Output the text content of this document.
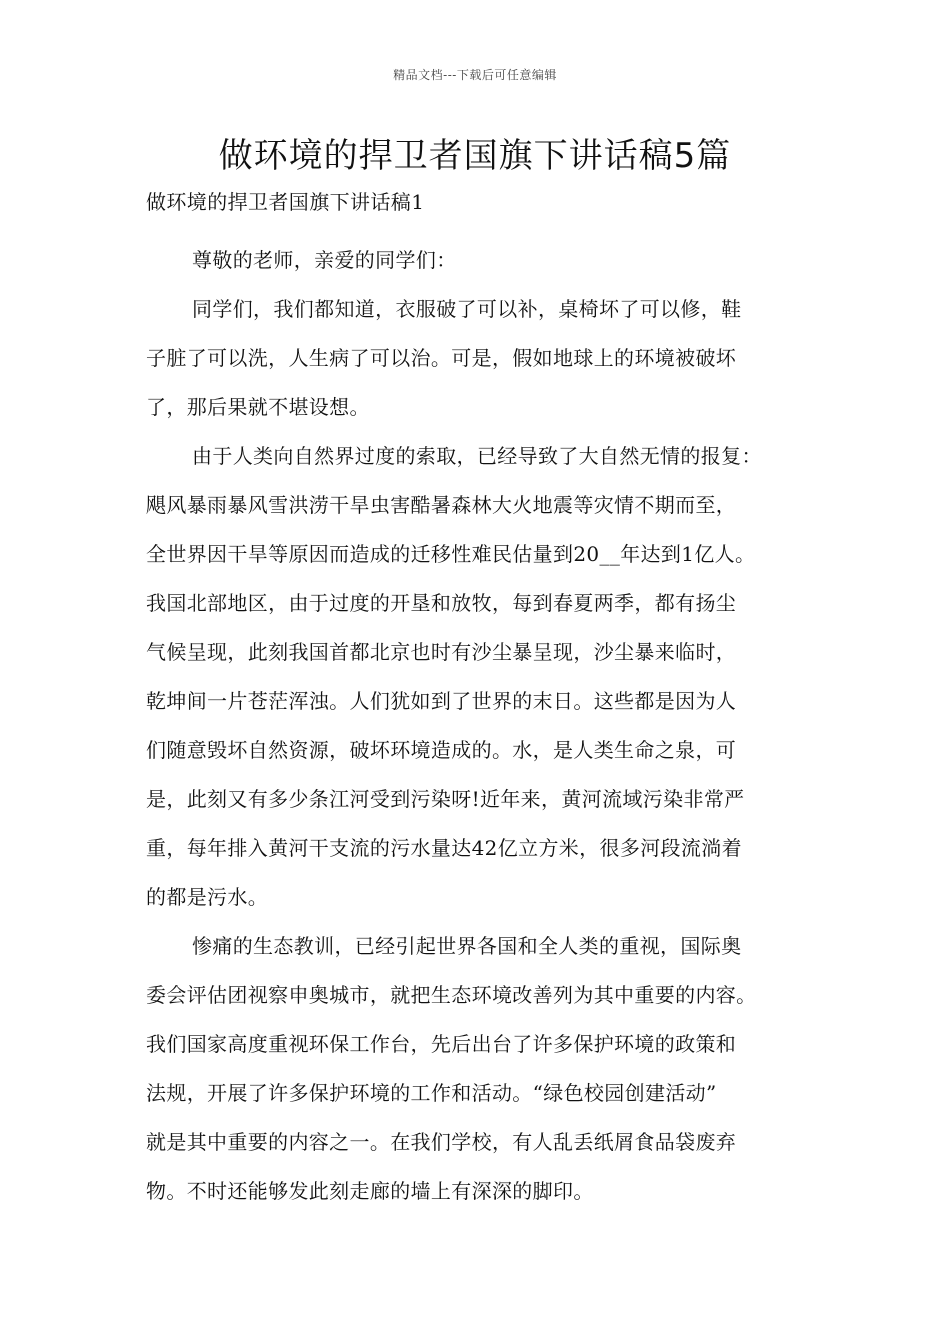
精品文档---下载后可任意编辑
做环境的捍卫者国旗下讲话稿5篇
做环境的捍卫者国旗下讲话稿1

尊敬的老师，亲爱的同学们：

同学们，我们都知道，衣服破了可以补，桌椅坏了可以修，鞋
子脏了可以洗，人生病了可以治。可是，假如地球上的环境被破坏
了，那后果就不堪设想。

由于人类向自然界过度的索取，已经导致了大自然无情的报复：
飓风暴雨暴风雪洪涝干旱虫害酷暑森林大火地震等灾情不期而至，
全世界因干旱等原因而造成的迁移性难民估量到20__年达到1亿人。
我国北部地区，由于过度的开垦和放牧，每到春夏两季，都有扬尘
气候呈现，此刻我国首都北京也时有沙尘暴呈现，沙尘暴来临时，
乾坤间一片苍茫浑浊。人们犹如到了世界的末日。这些都是因为人
们随意毁坏自然资源，破坏环境造成的。水，是人类生命之泉，可
是，此刻又有多少条江河受到污染呀!近年来，黄河流域污染非常严
重，每年排入黄河干支流的污水量达42亿立方米，很多河段流淌着
的都是污水。

惨痛的生态教训，已经引起世界各国和全人类的重视，国际奥
委会评估团视察申奥城市，就把生态环境改善列为其中重要的内容。
我们国家高度重视环保工作台，先后出台了许多保护环境的政策和
法规，开展了许多保护环境的工作和活动。“绿色校园创建活动”
就是其中重要的内容之一。在我们学校，有人乱丢纸屑食品袋废弃
物。不时还能够发此刻走廊的墙上有深深的脚印。
